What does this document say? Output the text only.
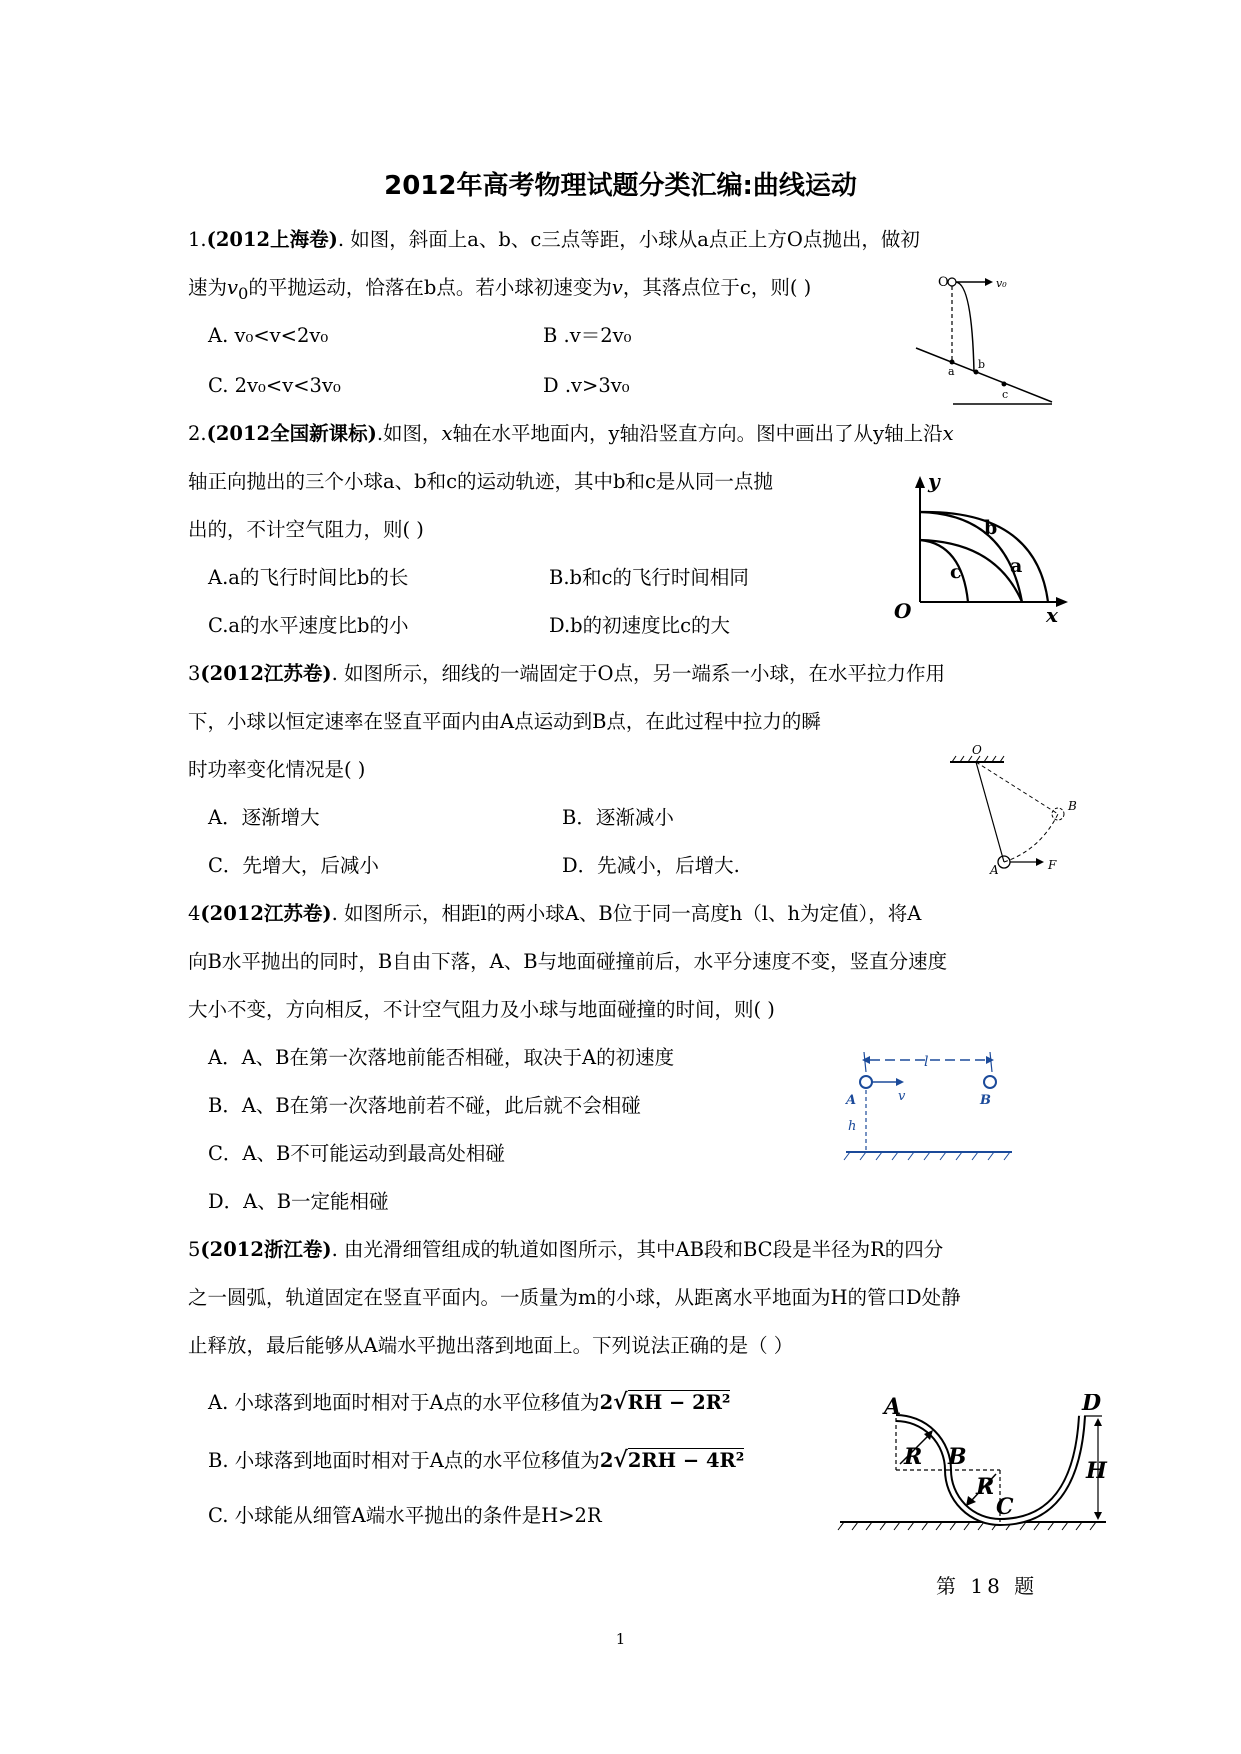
2012年高考物理试题分类汇编:曲线运动
1.(2012上海卷). 如图，斜面上a、b、c三点等距，小球从a点正上方O点抛出，做初
速为$v_0$的平抛运动，恰落在b点。若小球初速变为v，其落点位于c，则( )
A. v₀<v<2v₀	B .v＝2v₀
C. 2v₀<v<3v₀	D .v>3v₀
O	v₀
a
b
c
2.(2012全国新课标).如图，x轴在水平地面内，y轴沿竖直方向。图中画出了从y轴上沿x
轴正向抛出的三个小球a、b和c的运动轨迹，其中b和c是从同一点抛
出的，不计空气阻力，则( )
A.a的飞行时间比b的长	B.b和c的飞行时间相同
C.a的水平速度比b的小	D.b的初速度比c的大
y
x
O
b
c	a
3(2012江苏卷). 如图所示，细线的一端固定于O点，另一端系一小球，在水平拉力作用
下，小球以恒定速率在竖直平面内由A点运动到B点，在此过程中拉力的瞬
时功率变化情况是( )
A．逐渐增大	B．逐渐减小
C．先增大，后减小	D．先减小，后增大.
O
A
B
F
4(2012江苏卷). 如图所示，相距l的两小球A、B位于同一高度h（l、h为定值），将A
向B水平抛出的同时，B自由下落，A、B与地面碰撞前后，水平分速度不变，竖直分速度
大小不变，方向相反，不计空气阻力及小球与地面碰撞的时间，则( )
A．A、B在第一次落地前能否相碰，取决于A的初速度
B．A、B在第一次落地前若不碰，此后就不会相碰
C．A、B不可能运动到最高处相碰
D．A、B一定能相碰
l
A	B
v
h
5(2012浙江卷). 由光滑细管组成的轨道如图所示，其中AB段和BC段是半径为R的四分
之一圆弧，轨道固定在竖直平面内。一质量为m的小球，从距离水平地面为H的管口D处静
止释放，最后能够从A端水平抛出落到地面上。下列说法正确的是（ ）
A. 小球落到地面时相对于A点的水平位移值为2√RH − 2R²
B. 小球落到地面时相对于A点的水平位移值为2√2RH − 4R²
C. 小球能从细管A端水平抛出的条件是H>2R
A
R B
R
C
D
H
第 18 题
1
